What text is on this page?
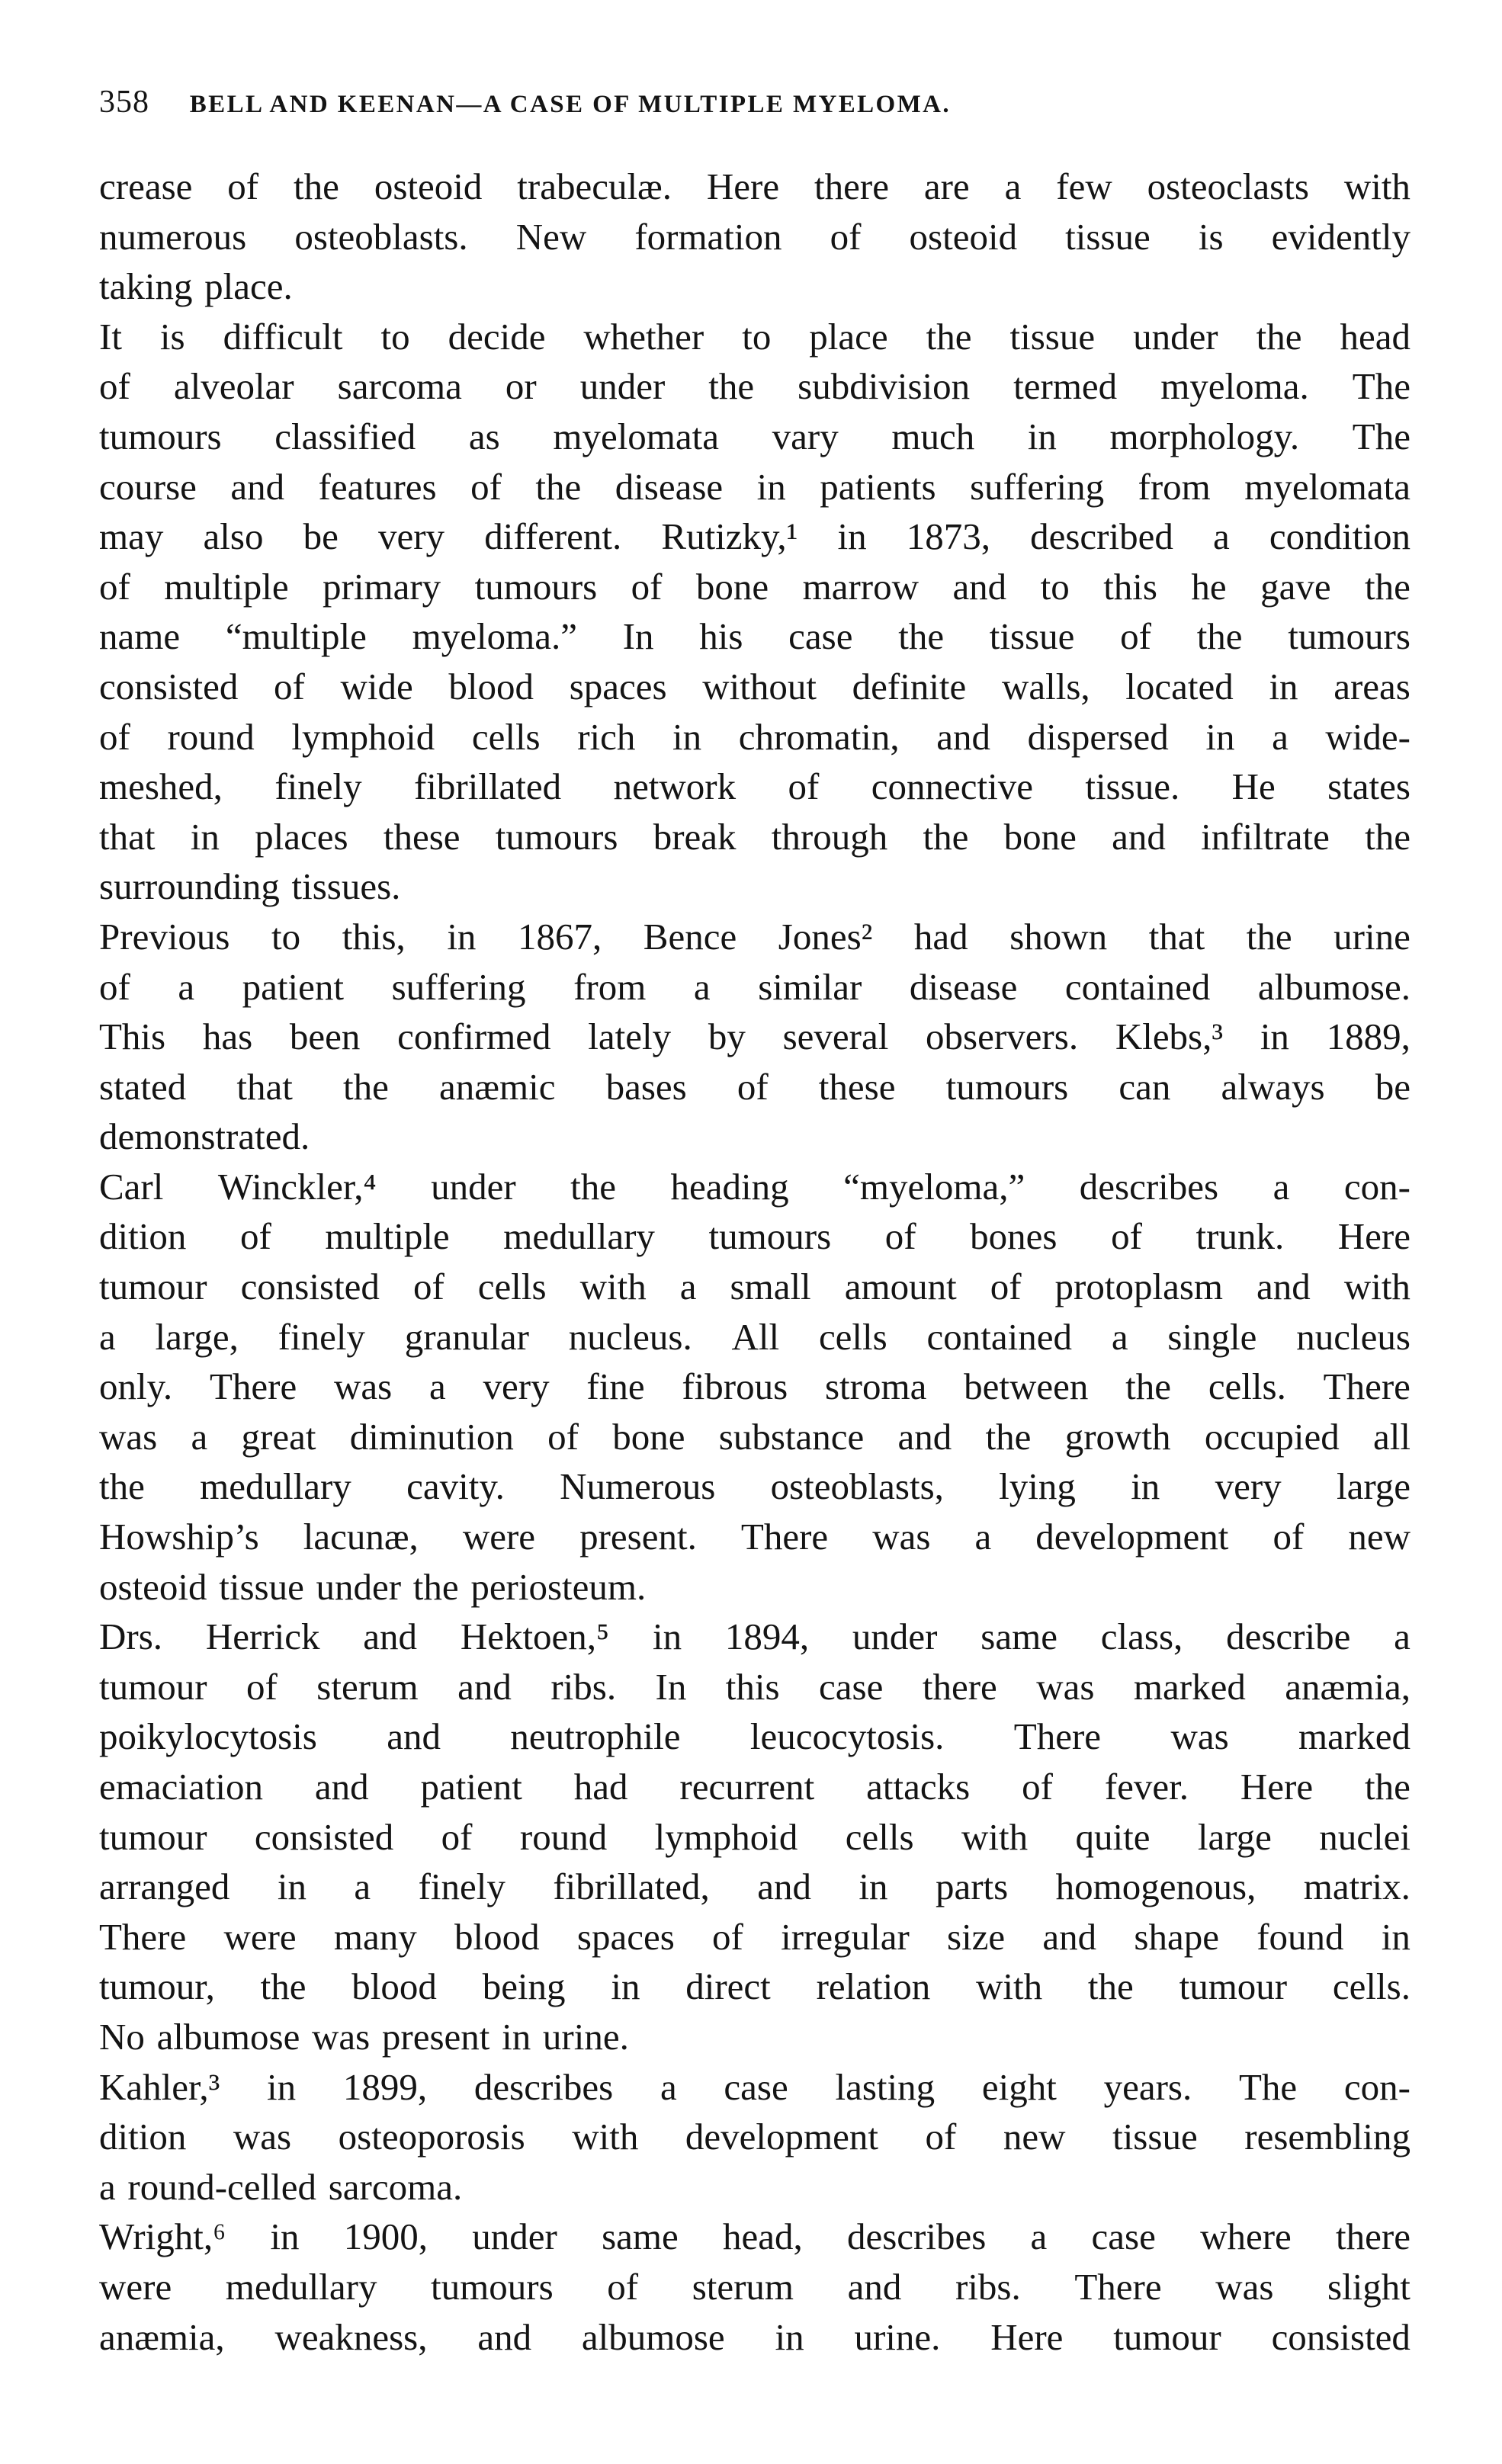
358 BELL AND KEENAN—A CASE OF MULTIPLE MYELOMA.
crease of the osteoid trabeculæ. Here there are a few osteoclasts with
numerous osteoblasts. New formation of osteoid tissue is evidently
taking place.
It is difficult to decide whether to place the tissue under the head
of alveolar sarcoma or under the subdivision termed myeloma. The
tumours classified as myelomata vary much in morphology. The
course and features of the disease in patients suffering from myelomata
may also be very different. Rutizky,¹ in 1873, described a condition
of multiple primary tumours of bone marrow and to this he gave the
name “multiple myeloma.” In his case the tissue of the tumours
consisted of wide blood spaces without definite walls, located in areas
of round lymphoid cells rich in chromatin, and dispersed in a wide-
meshed, finely fibrillated network of connective tissue. He states
that in places these tumours break through the bone and infiltrate the
surrounding tissues.
Previous to this, in 1867, Bence Jones² had shown that the urine
of a patient suffering from a similar disease contained albumose.
This has been confirmed lately by several observers. Klebs,³ in 1889,
stated that the anæmic bases of these tumours can always be
demonstrated.
Carl Winckler,⁴ under the heading “myeloma,” describes a con-
dition of multiple medullary tumours of bones of trunk. Here
tumour consisted of cells with a small amount of protoplasm and with
a large, finely granular nucleus. All cells contained a single nucleus
only. There was a very fine fibrous stroma between the cells. There
was a great diminution of bone substance and the growth occupied all
the medullary cavity. Numerous osteoblasts, lying in very large
Howship’s lacunæ, were present. There was a development of new
osteoid tissue under the periosteum.
Drs. Herrick and Hektoen,⁵ in 1894, under same class, describe a
tumour of sterum and ribs. In this case there was marked anæmia,
poikylocytosis and neutrophile leucocytosis. There was marked
emaciation and patient had recurrent attacks of fever. Here the
tumour consisted of round lymphoid cells with quite large nuclei
arranged in a finely fibrillated, and in parts homogenous, matrix.
There were many blood spaces of irregular size and shape found in
tumour, the blood being in direct relation with the tumour cells.
No albumose was present in urine.
Kahler,³ in 1899, describes a case lasting eight years. The con-
dition was osteoporosis with development of new tissue resembling
a round-celled sarcoma.
Wright,⁶ in 1900, under same head, describes a case where there
were medullary tumours of sterum and ribs. There was slight
anæmia, weakness, and albumose in urine. Here tumour consisted
